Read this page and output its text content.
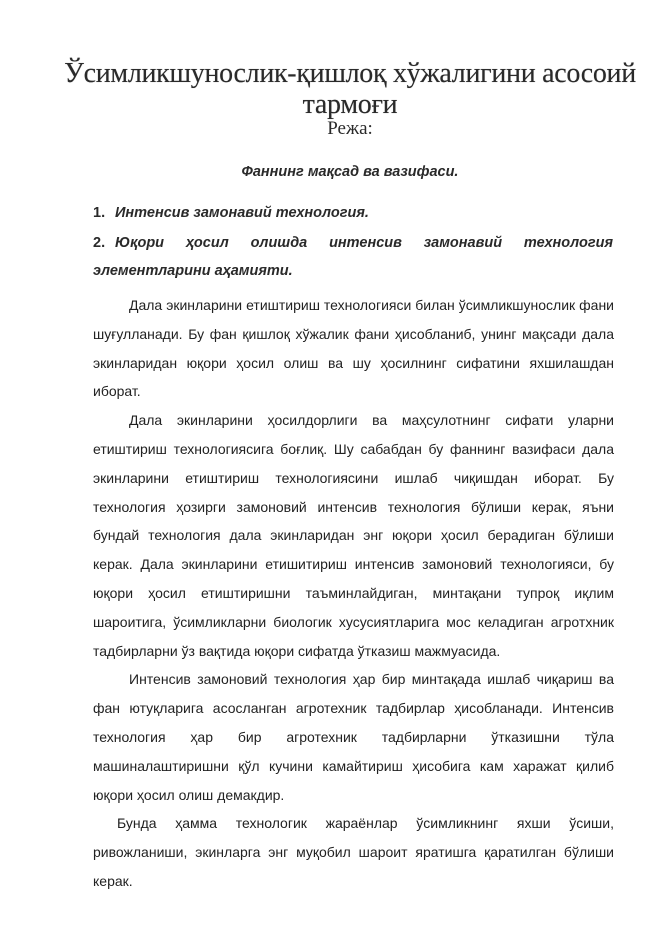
Ўсимликшунослик-қишлоқ хўжалигини асосоий тармоғи
Режа:
Фаннинг мақсад ва вазифаси.
1. Интенсив замонавий технология.
2. Юқори ҳосил олишда интенсив замонавий технология
элементларини аҳамияти.

Дала экинларини етиштириш технологияси билан ўсимликшунослик фани шуғулланади. Бу фан қишлоқ хўжалик фани ҳисобланиб, унинг мақсади дала экинларидан юқори ҳосил олиш ва шу ҳосилнинг сифатини яхшилашдан иборат.

Дала экинларини ҳосилдорлиги ва маҳсулотнинг сифати уларни етиштириш технологиясига боғлиқ. Шу сабабдан бу фаннинг вазифаси дала экинларини етиштириш технологиясини ишлаб чиқишдан иборат. Бу технология ҳозирги замоновий интенсив технология бўлиши керак, яъни бундай технология дала экинларидан энг юқори ҳосил берадиган бўлиши керак. Дала экинларини етишитириш интенсив замоновий технологияси, бу юқори ҳосил етиштиришни таъминлайдиган, минтақани тупроқ иқлим шароитига, ўсимликларни биологик хусусиятларига мос келадиган агротхник тадбирларни ўз вақтида юқори сифатда ўтказиш мажмуасида.

Интенсив замоновий технология ҳар бир минтақада ишлаб чиқариш ва фан ютуқларига асосланган агротехник тадбирлар ҳисобланади. Интенсив технология ҳар бир агротехник тадбирларни ўтказишни тўла машиналаштиришни қўл кучини камайтириш ҳисобига кам харажат қилиб юқори ҳосил олиш демакдир.

Бунда ҳамма технологик жараёнлар ўсимликнинг яхши ўсиши, ривожланиши, экинларга энг муқобил шароит яратишга қаратилган бўлиши керак.
